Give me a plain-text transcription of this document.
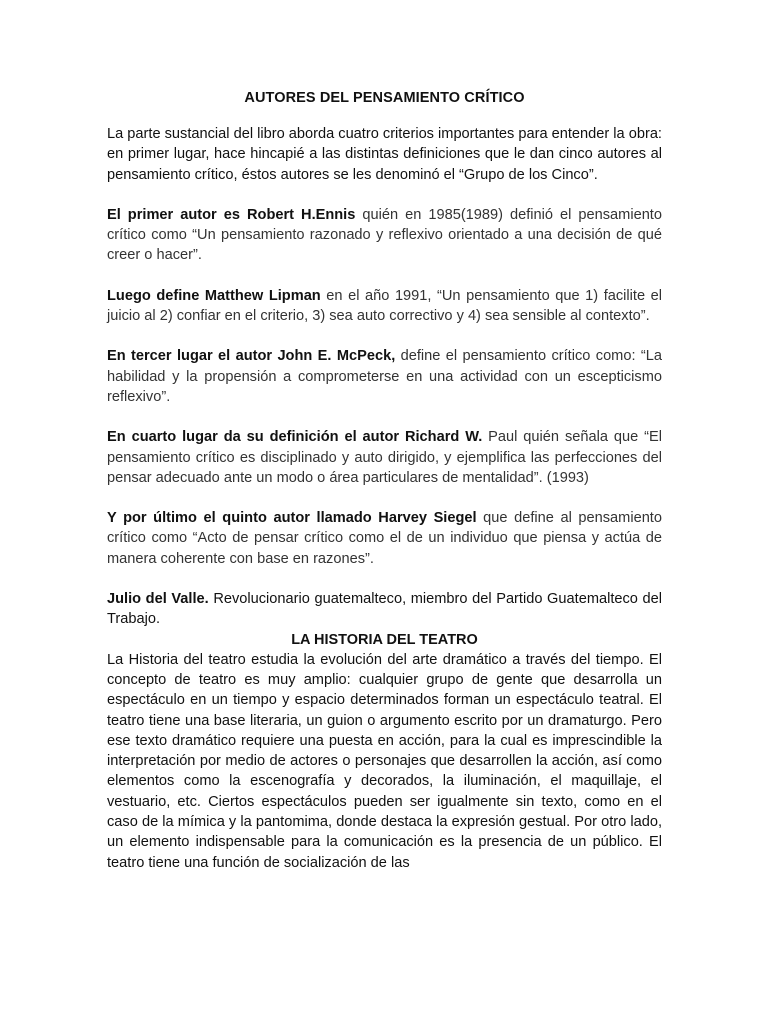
AUTORES DEL PENSAMIENTO CRÍTICO

La parte sustancial del libro aborda cuatro criterios importantes para entender la obra: en primer lugar, hace hincapié a las distintas definiciones que le dan cinco autores al pensamiento crítico, éstos autores se les denominó el “Grupo de los Cinco”.

El primer autor es Robert H.Ennis quién en 1985(1989) definió el pensamiento crítico como “Un pensamiento razonado y reflexivo orientado a una decisión de qué creer o hacer”.

Luego define Matthew Lipman en el año 1991, “Un pensamiento que 1) facilite el juicio al 2) confiar en el criterio, 3) sea auto correctivo y 4) sea sensible al contexto”.

En tercer lugar el autor John E. McPeck, define el pensamiento crítico como: “La habilidad y la propensión a comprometerse en una actividad con un escepticismo reflexivo”.

En cuarto lugar da su definición el autor Richard W. Paul quién señala que “El pensamiento crítico es disciplinado y auto dirigido, y ejemplifica las perfecciones del pensar adecuado ante un modo o área particulares de mentalidad”. (1993)

Y por último el quinto autor llamado Harvey Siegel que define al pensamiento crítico como “Acto de pensar crítico como el de un individuo que piensa y actúa de manera coherente con base en razones”.

Julio del Valle. Revolucionario guatemalteco, miembro del Partido Guatemalteco del Trabajo.

LA HISTORIA DEL TEATRO

La Historia del teatro estudia la evolución del arte dramático a través del tiempo. El concepto de teatro es muy amplio: cualquier grupo de gente que desarrolla un espectáculo en un tiempo y espacio determinados forman un espectáculo teatral. El teatro tiene una base literaria, un guion o argumento escrito por un dramaturgo. Pero ese texto dramático requiere una puesta en acción, para la cual es imprescindible la interpretación por medio de actores o personajes que desarrollen la acción, así como elementos como la escenografía y decorados, la iluminación, el maquillaje, el vestuario, etc. Ciertos espectáculos pueden ser igualmente sin texto, como en el caso de la mímica y la pantomima, donde destaca la expresión gestual. Por otro lado, un elemento indispensable para la comunicación es la presencia de un público. El teatro tiene una función de socialización de las
